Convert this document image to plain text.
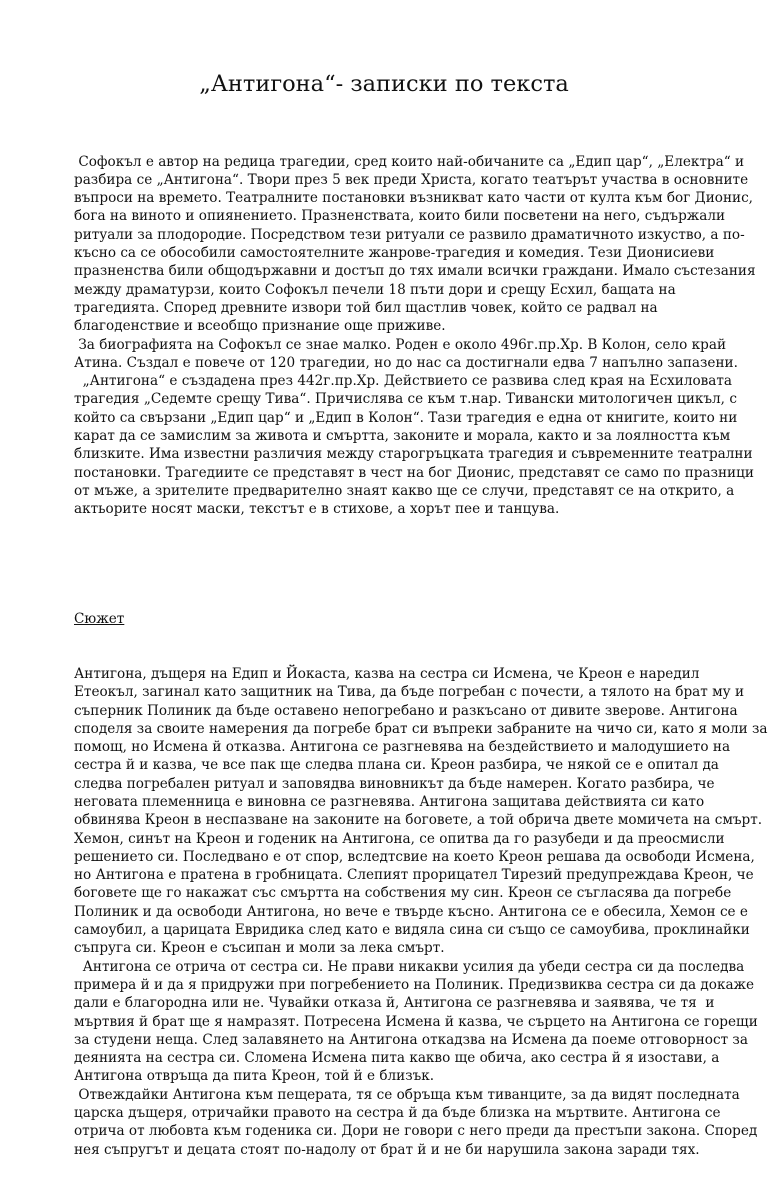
„Антигона“- записки по текста

Софокъл е автор на редица трагедии, сред които най-обичаните са „Едип цар“, „Електра“ и
разбира се „Антигона“. Твори през 5 век преди Христа, когато театърът участва в основните
въпроси на времето. Театралните постановки възникват като части от култа към бог Дионис,
бога на виното и опиянението. Празненствата, които били посветени на него, съдържали
ритуали за плодородие. Посредством тези ритуали се развило драматичното изкуство, а по-
късно са се обособили самостоятелните жанрове-трагедия и комедия. Тези Дионисиеви
празненства били общодържавни и достъп до тях имали всички граждани. Имало състезания
между драматурзи, които Софокъл печели 18 пъти дори и срещу Есхил, бащата на
трагедията. Според древните извори той бил щастлив човек, който се радвал на
благоденствие и всеобщо признание още приживе.
За биографията на Софокъл се знае малко. Роден е около 496г.пр.Хр. В Колон, село край
Атина. Създал е повече от 120 трагедии, но до нас са достигнали едва 7 напълно запазени.
„Антигона“ е създадена през 442г.пр.Хр. Действието се развива след края на Есхиловата
трагедия „Седемте срещу Тива“. Причислява се към т.нар. Тивански митологичен цикъл, с
който са свързани „Едип цар“ и „Едип в Колон“. Тази трагедия е една от книгите, които ни
карат да се замислим за живота и смъртта, законите и морала, както и за лоялността към
близките. Има известни различия между старогръцката трагедия и съвременните театрални
постановки. Трагедиите се представят в чест на бог Дионис, представят се само по празници
от мъже, а зрителите предварително знаят какво ще се случи, представят се на открито, а
актьорите носят маски, текстът е в стихове, а хорът пее и танцува.

Сюжет

Антигона, дъщеря на Едип и Йокаста, казва на сестра си Исмена, че Креон е наредил
Етеокъл, загинал като защитник на Тива, да бъде погребан с почести, а тялото на брат му и
съперник Полиник да бъде оставено непогребано и разкъсано от дивите зверове. Антигона
споделя за своите намерения да погребе брат си въпреки забраните на чичо си, като я моли за
помощ, но Исмена й отказва. Антигона се разгневява на бездействието и малодушието на
сестра й и казва, че все пак ще следва плана си. Креон разбира, че някой се е опитал да
следва погребален ритуал и заповядва виновникът да бъде намерен. Когато разбира, че
неговата племенница е виновна се разгневява. Антигона защитава действията си като
обвинява Креон в неспазване на законите на боговете, а той обрича двете момичета на смърт.
Хемон, синът на Креон и годеник на Антигона, се опитва да го разубеди и да преосмисли
решението си. Последвано е от спор, вследтсвие на което Креон решава да освободи Исмена,
но Антигона е пратена в гробницата. Слепият прорицател Тирезий предупреждава Креон, че
боговете ще го накажат със смъртта на собствения му син. Креон се съгласява да погребе
Полиник и да освободи Антигона, но вече е твърде късно. Антигона се е обесила, Хемон се е
самоубил, а царицата Евридика след като е видяла сина си също се самоубива, проклинайки
съпруга си. Креон е съсипан и моли за лека смърт.
Антигона се отрича от сестра си. Не прави никакви усилия да убеди сестра си да последва
примера й и да я придружи при погребението на Полиник. Предизвиква сестра си да докаже
дали е благородна или не. Чувайки отказа й, Антигона се разгневява и заявява, че тя  и
мъртвия й брат ще я намразят. Потресена Исмена й казва, че сърцето на Антигона се горещи
за студени неща. След залавянето на Антигона откадзва на Исмена да поеме отговорност за
деянията на сестра си. Сломена Исмена пита какво ще обича, ако сестра й я изостави, а
Антигона отвръща да пита Креон, той й е близък.
Отвеждайки Антигона към пещерата, тя се обръща към тиванците, за да видят последната
царска дъщеря, отричайки правото на сестра й да бъде близка на мъртвите. Антигона се
отрича от любовта към годеника си. Дори не говори с него преди да престъпи закона. Според
нея съпругът и децата стоят по-надолу от брат й и не би нарушила закона заради тях.
